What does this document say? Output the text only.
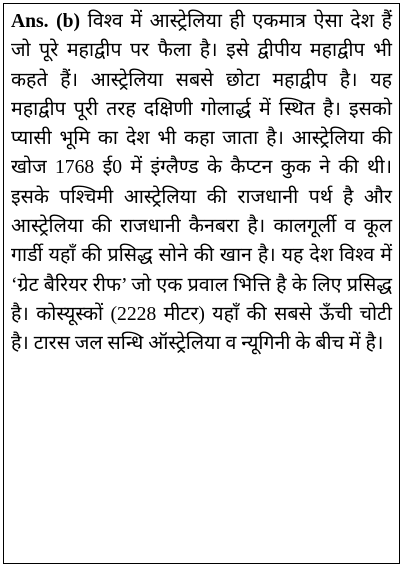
Ans. (b) विश्व में आस्ट्रेलिया ही एकमात्र ऐसा देश हैं जो पूरे महाद्वीप पर फैला है। इसे द्वीपीय महाद्वीप भी कहते हैं। आस्ट्रेलिया सबसे छोटा महाद्वीप है। यह महाद्वीप पूरी तरह दक्षिणी गोलार्द्ध में स्थित है। इसको प्यासी भूमि का देश भी कहा जाता है। आस्ट्रेलिया की खोज 1768 ई0 में इंग्लैण्ड के कैप्टन कुक ने की थी। इसके पश्चिमी आस्ट्रेलिया की राजधानी पर्थ है और आस्ट्रेलिया की राजधानी कैनबरा है। कालगूर्ली व कूल गार्डी यहाँ की प्रसिद्ध सोने की खान है। यह देश विश्व में ‘ग्रेट बैरियर रीफ’ जो एक प्रवाल भित्ति है के लिए प्रसिद्ध है। कोस्यूस्कों (2228 मीटर) यहाँ की सबसे ऊँची चोटी है। टारस जल सन्धि ऑस्ट्रेलिया व न्यूगिनी के बीच में है।
